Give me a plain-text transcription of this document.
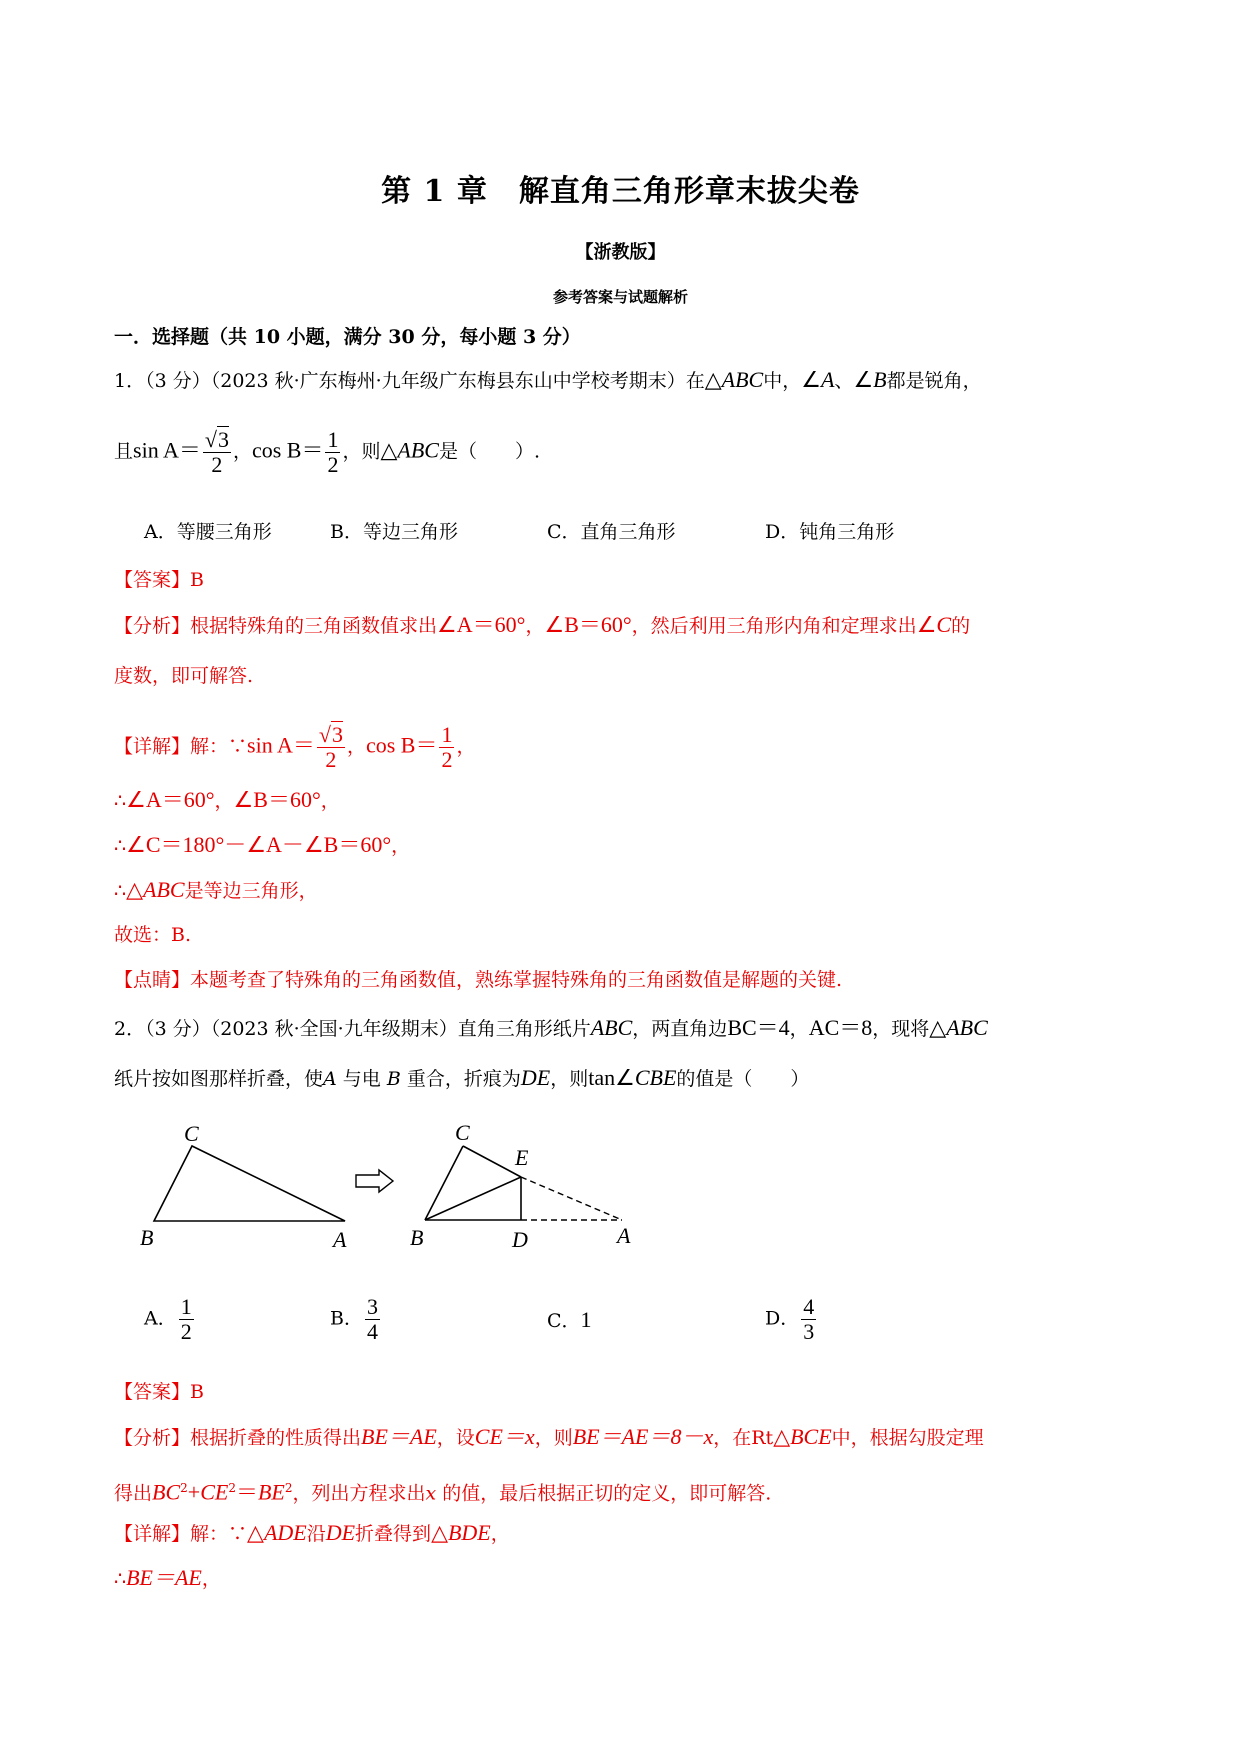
第 1 章　解直角三角形章末拔尖卷
【浙教版】
参考答案与试题解析
一．选择题（共 10 小题，满分 30 分，每小题 3 分）
1．（3 分）（2023 秋·广东梅州·九年级广东梅县东山中学校考期末）在△ABC中，∠A、∠B都是锐角，
且$\sin A= \frac{√3}{2}$ ，$\cos B= \frac{1}{2}$ ，则△ABC是（　　）.
A．等腰三角形	B．等边三角形	C．直角三角形	D．钝角三角形
【答案】B
【分析】根据特殊角的三角函数值求出∠A＝60°，∠B＝60°，然后利用三角形内角和定理求出∠C的
度数，即可解答.
【详解】解：∵sin $A= \frac{√3}{2}$ ，$\cos B= \frac{1}{2}$ ，
∴∠A＝60°，∠B＝60°，
∴∠C＝180°－∠A－∠B＝60°，
∴△ABC是等边三角形，
故选：B.
【点睛】本题考查了特殊角的三角函数值，熟练掌握特殊角的三角函数值是解题的关键.
2．（3 分）（2023 秋·全国·九年级期末）直角三角形纸片ABC，两直角边BC＝4，AC＝8，现将△ABC
纸片按如图那样折叠，使A 与电 B 重合，折痕为DE，则tan∠CBE的值是（　　）
C
B	A
C
E
B	D	A
A． $\frac{1}{2}$	B． $\frac{3}{4}$	C．1	D． $\frac{4}{3}$
【答案】B
【分析】根据折叠的性质得出BE＝AE，设CE＝x，则BE＝AE＝8－x，在Rt△BCE中，根据勾股定理
得出$BC^2+CE^2=BE^2$，列出方程求出x 的值，最后根据正切的定义，即可解答.
【详解】解：∵△ADE沿DE折叠得到△BDE，
∴BE＝AE，
